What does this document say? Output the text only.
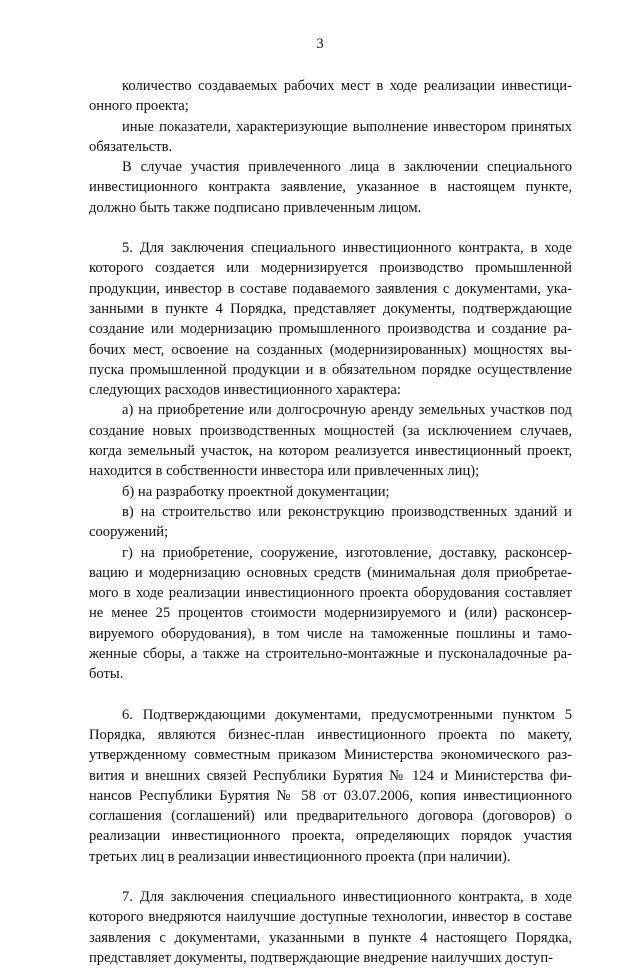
3

количество создаваемых рабочих мест в ходе реализации инвестиционного проекта;

иные показатели, характеризующие выполнение инвестором принятых обязательств.

В случае участия привлеченного лица в заключении специального инвестиционного контракта заявление, указанное в настоящем пункте, должно быть также подписано привлеченным лицом.

5. Для заключения специального инвестиционного контракта, в ходе которого создается или модернизируется производство промышленной продукции, инвестор в составе подаваемого заявления с документами, указанными в пункте 4 Порядка, представляет документы, подтверждающие создание или модернизацию промышленного производства и создание рабочих мест, освоение на созданных (модернизированных) мощностях выпуска промышленной продукции и в обязательном порядке осуществление следующих расходов инвестиционного характера:

а) на приобретение или долгосрочную аренду земельных участков под создание новых производственных мощностей (за исключением случаев, когда земельный участок, на котором реализуется инвестиционный проект, находится в собственности инвестора или привлеченных лиц);

б) на разработку проектной документации;

в) на строительство или реконструкцию производственных зданий и сооружений;

г) на приобретение, сооружение, изготовление, доставку, расконсервацию и модернизацию основных средств (минимальная доля приобретаемого в ходе реализации инвестиционного проекта оборудования составляет не менее 25 процентов стоимости модернизируемого и (или) расконсервируемого оборудования), в том числе на таможенные пошлины и таможенные сборы, а также на строительно-монтажные и пусконаладочные работы.

6. Подтверждающими документами, предусмотренными пунктом 5 Порядка, являются бизнес-план инвестиционного проекта по макету, утвержденному совместным приказом Министерства экономического развития и внешних связей Республики Бурятия № 124 и Министерства финансов Республики Бурятия № 58 от 03.07.2006, копия инвестиционного соглашения (соглашений) или предварительного договора (договоров) о реализации инвестиционного проекта, определяющих порядок участия третьих лиц в реализации инвестиционного проекта (при наличии).

7. Для заключения специального инвестиционного контракта, в ходе которого внедряются наилучшие доступные технологии, инвестор в составе заявления с документами, указанными в пункте 4 настоящего Порядка, представляет документы, подтверждающие внедрение наилучших доступ-
